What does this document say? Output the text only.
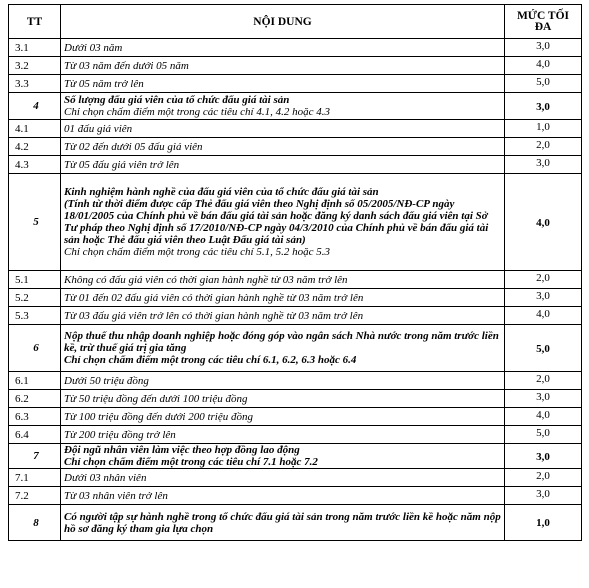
TT	NỘI DUNG	MỨC TỐI
ĐA

3.1	Dưới 03 năm	3,0
3.2	Từ 03 năm đến dưới 05 năm	4,0
3.3	Từ 05 năm trở lên	5,0
4	Số lượng đấu giá viên của tổ chức đấu giá tài sản
Chỉ chọn chấm điểm một trong các tiêu chí 4.1, 4.2 hoặc 4.3	3,0
4.1	01 đấu giá viên	1,0
4.2	Từ 02 đến dưới 05 đấu giá viên	2,0
4.3	Từ 05 đấu giá viên trở lên	3,0
5	Kinh nghiệm hành nghề của đấu giá viên của tổ chức đấu giá tài sản
(Tính từ thời điểm được cấp Thẻ đấu giá viên theo Nghị định số 05/2005/NĐ-CP ngày 18/01/2005 của Chính phủ về bán đấu giá tài sản hoặc đăng ký danh sách đấu giá viên tại Sở Tư pháp theo Nghị định số 17/2010/NĐ-CP ngày 04/3/2010 của Chính phủ về bán đấu giá tài sản hoặc Thẻ đấu giá viên theo Luật Đấu giá tài sản)
Chỉ chọn chấm điểm một trong các tiêu chí 5.1, 5.2 hoặc 5.3	4,0
5.1	Không có đấu giá viên có thời gian hành nghề từ 03 năm trở lên	2,0
5.2	Từ 01 đến 02 đấu giá viên có thời gian hành nghề từ 03 năm trở lên	3,0
5.3	Từ 03 đấu giá viên trở lên có thời gian hành nghề từ 03 năm trở lên	4,0
6	Nộp thuế thu nhập doanh nghiệp hoặc đóng góp vào ngân sách Nhà nước trong năm trước liền kề, trừ thuế giá trị gia tăng
Chỉ chọn chấm điểm một trong các tiêu chí 6.1, 6.2, 6.3 hoặc 6.4	5,0
6.1	Dưới 50 triệu đồng	2,0
6.2	Từ 50 triệu đồng đến dưới 100 triệu đồng	3,0
6.3	Từ 100 triệu đồng đến dưới 200 triệu đồng	4,0
6.4	Từ 200 triệu đồng trở lên	5,0
7	Đội ngũ nhân viên làm việc theo hợp đồng lao động
Chỉ chọn chấm điểm một trong các tiêu chí 7.1 hoặc 7.2	3,0
7.1	Dưới 03 nhân viên	2,0
7.2	Từ 03 nhân viên trở lên	3,0
8	Có người tập sự hành nghề trong tổ chức đấu giá tài sản trong năm trước liền kề hoặc năm nộp hồ sơ đăng ký tham gia lựa chọn	1,0
